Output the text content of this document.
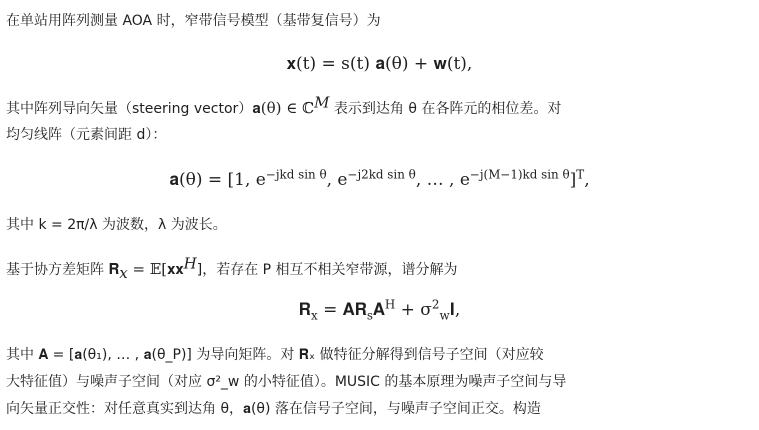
在单站用阵列测量 AOA 时，窄带信号模型（基带复信号）为
𝐱(t) = s(t) 𝐚(θ) + 𝐰(t),
其中阵列导向矢量（steering vector）𝐚(θ) ∈ ℂ$^M$ 表示到达角 θ 在各阵元的相位差。对
均匀线阵（元素间距 d）：
𝐚(θ) = [1, $e^{-jkd sin \theta}$, $e^{-j2kd sin \theta}$, … , $e^{-j(M-1)kd sin \theta}]^T$,
其中 k = 2π/λ 为波数，λ 为波长。
基于协方差矩阵 𝐑$_x$ = 𝔼[𝐱𝐱$^H$]，若存在 P 相互不相关窄带源，谱分解为
𝐑$_x$ = 𝐀𝐑$_s$𝐀$^H$ + $\sigma^2_w𝐈$,
其中 𝐀 = [𝐚(θ₁), … , 𝐚(θ_P)] 为导向矩阵。对 𝐑ₓ 做特征分解得到信号子空间（对应较
大特征值）与噪声子空间（对应 σ²_w 的小特征值）。MUSIC 的基本原理为噪声子空间与导
向矢量正交性：对任意真实到达角 θ，𝐚(θ) 落在信号子空间，与噪声子空间正交。构造
